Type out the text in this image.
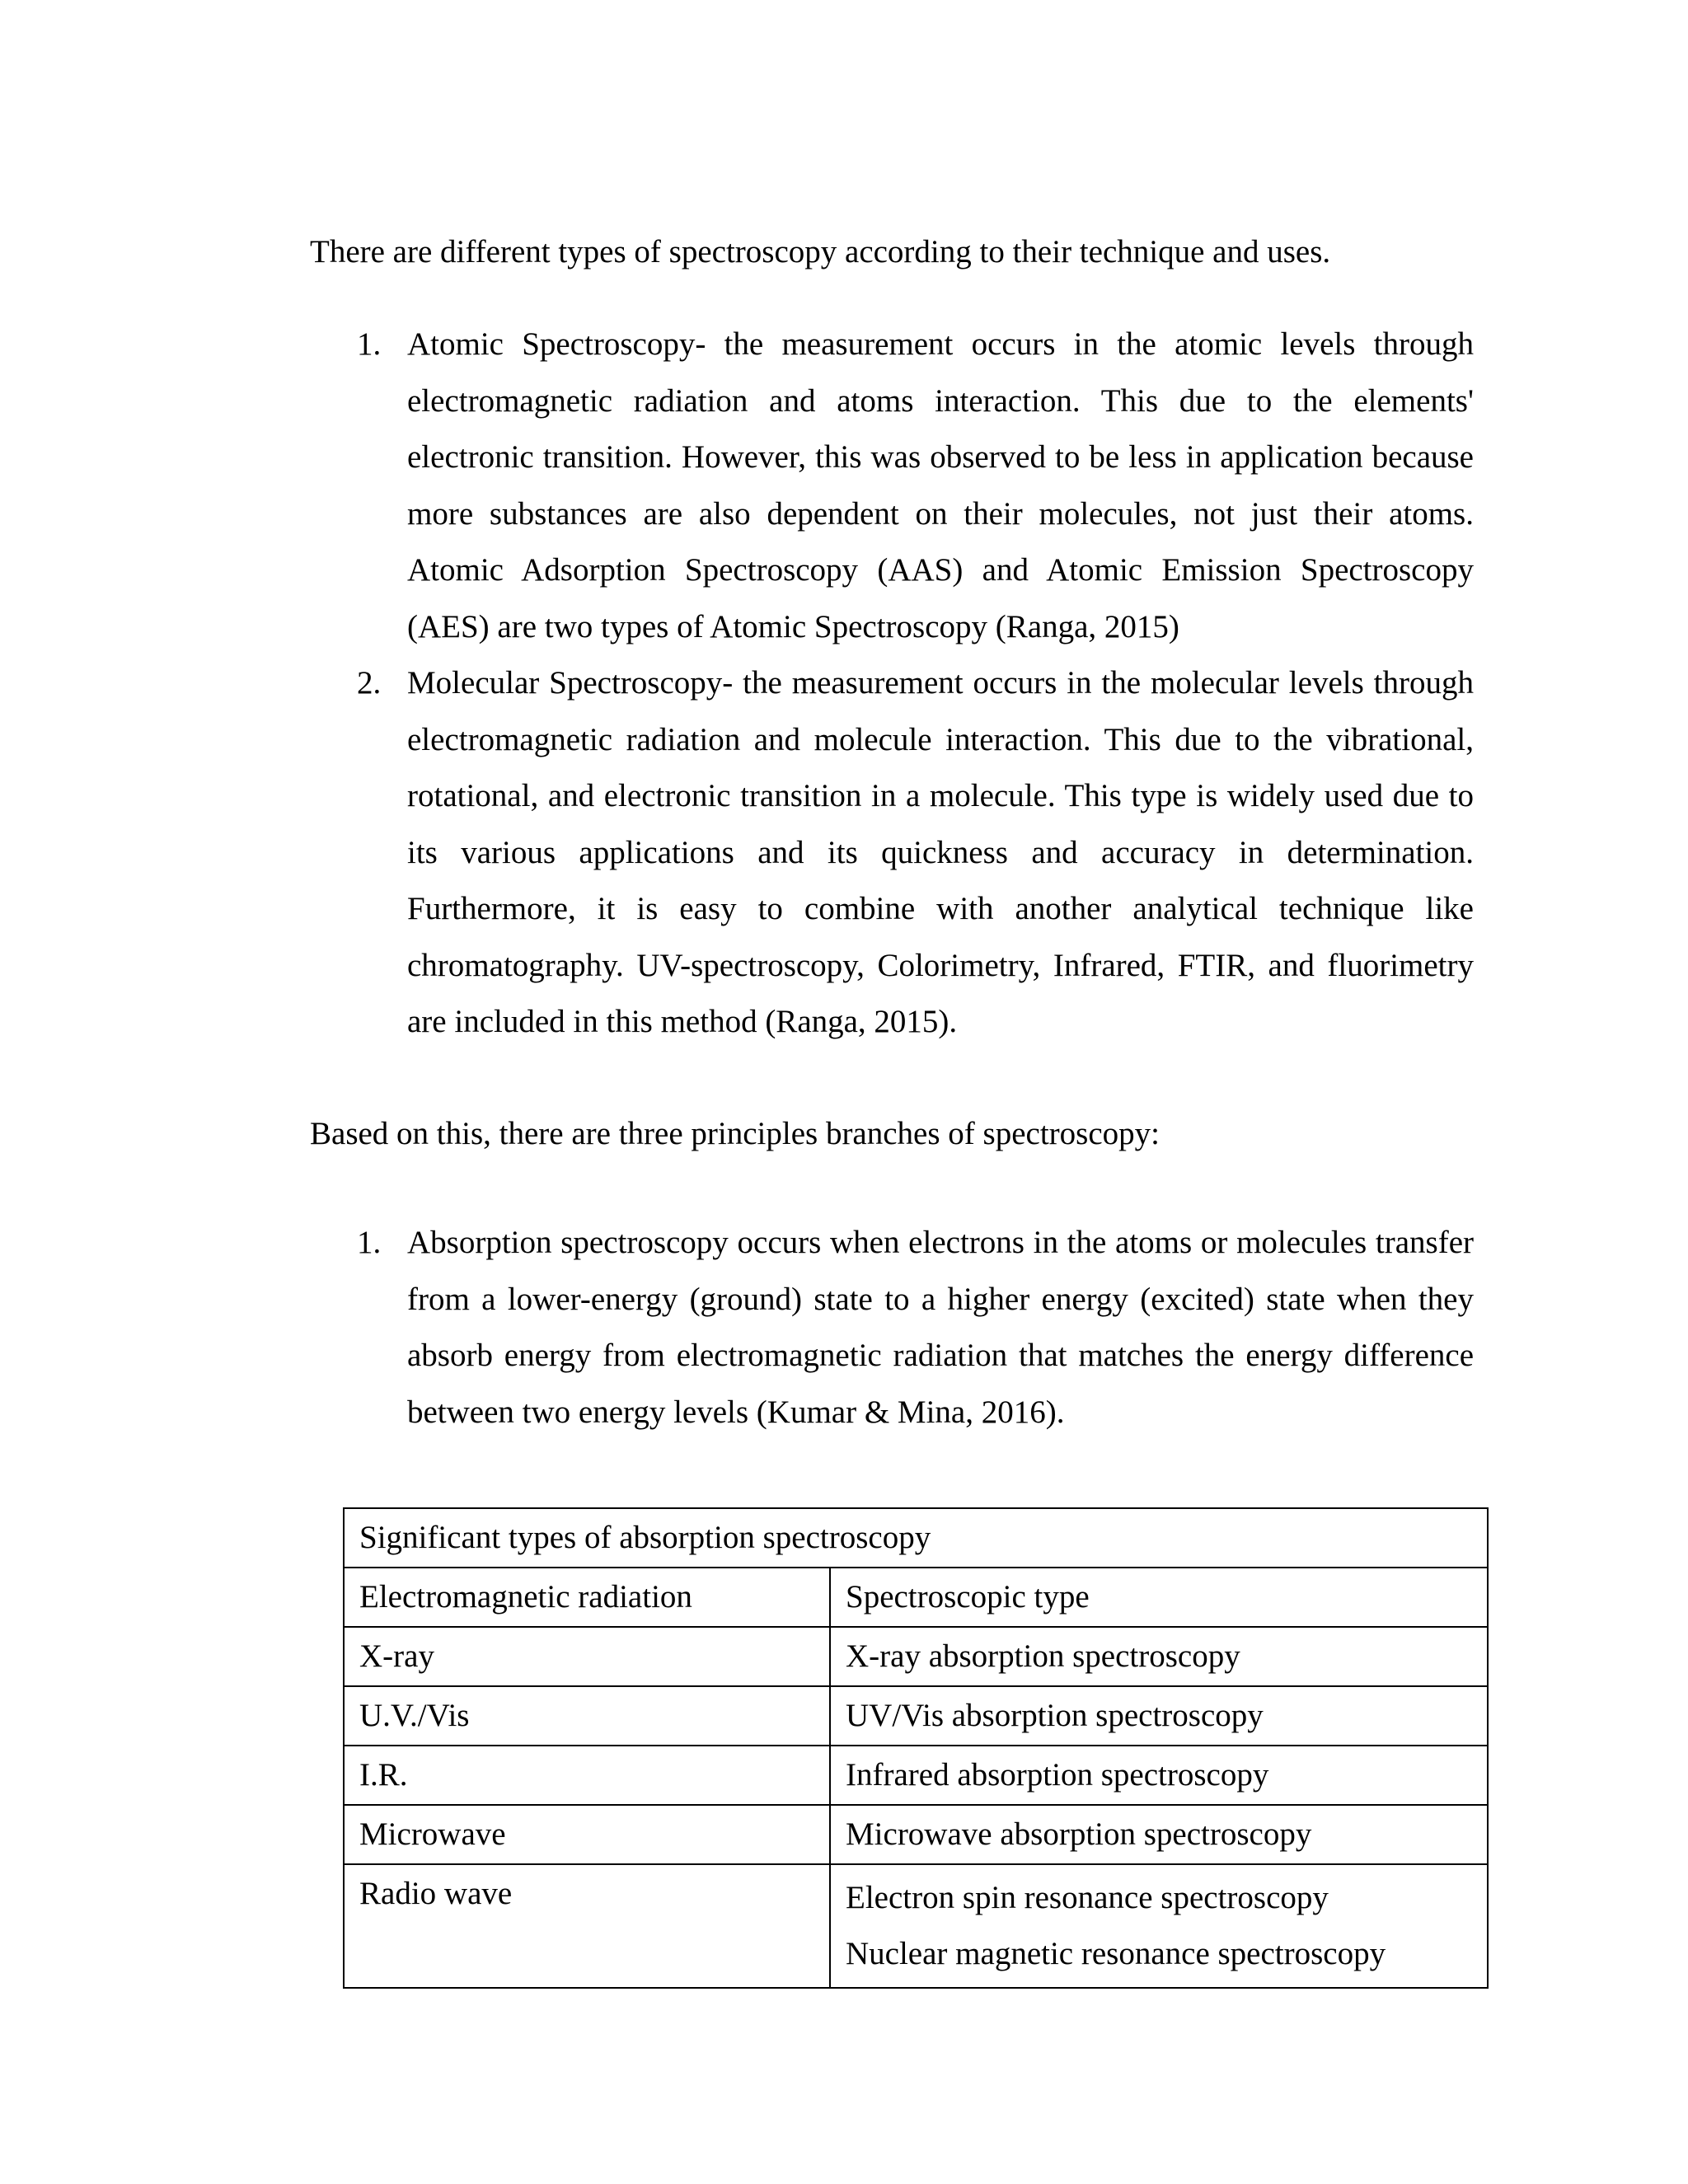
There are different types of spectroscopy according to their technique and uses.
1. Atomic Spectroscopy- the measurement occurs in the atomic levels through electromagnetic radiation and atoms interaction. This due to the elements' electronic transition. However, this was observed to be less in application because more substances are also dependent on their molecules, not just their atoms. Atomic Adsorption Spectroscopy (AAS) and Atomic Emission Spectroscopy (AES) are two types of Atomic Spectroscopy (Ranga, 2015)
2. Molecular Spectroscopy- the measurement occurs in the molecular levels through electromagnetic radiation and molecule interaction. This due to the vibrational, rotational, and electronic transition in a molecule. This type is widely used due to its various applications and its quickness and accuracy in determination. Furthermore, it is easy to combine with another analytical technique like chromatography. UV-spectroscopy, Colorimetry, Infrared, FTIR, and fluorimetry are included in this method (Ranga, 2015).
Based on this, there are three principles branches of spectroscopy:
1. Absorption spectroscopy occurs when electrons in the atoms or molecules transfer from a lower-energy (ground) state to a higher energy (excited) state when they absorb energy from electromagnetic radiation that matches the energy difference between two energy levels (Kumar & Mina, 2016).
Significant types of absorption spectroscopy	
Electromagnetic radiation	Spectroscopic type
X-ray	X-ray absorption spectroscopy
U.V./Vis	UV/Vis absorption spectroscopy
I.R.	Infrared absorption spectroscopy
Microwave	Microwave absorption spectroscopy
Radio wave	Electron spin resonance spectroscopy
Nuclear magnetic resonance spectroscopy
